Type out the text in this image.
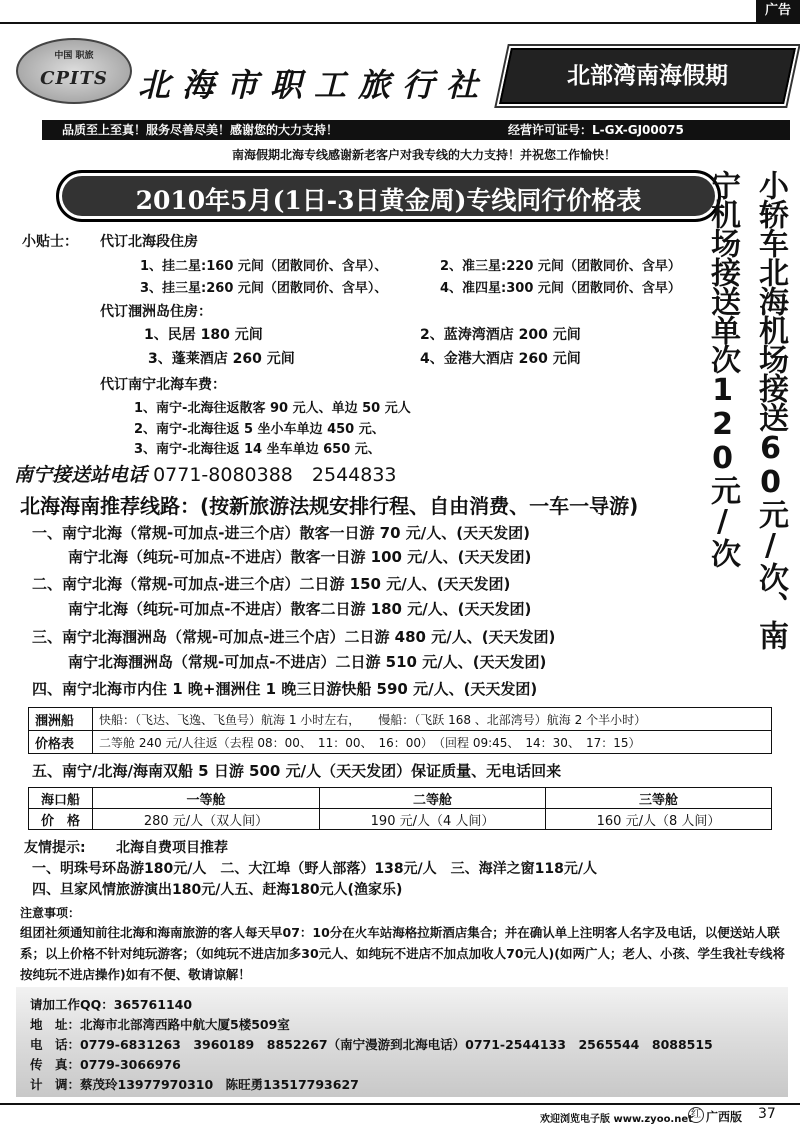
广告
中国 职旅
CPITS 北海市职工旅行社	北部湾南海假期
品质至上至真！服务尽善尽美！感谢您的大力支持！	经营许可证号：L-GX-GJ00075
南海假期北海专线感谢新老客户对我专线的大力支持！并祝您工作愉快！
2010年5月(1日-3日黄金周)专线同行价格表	小轿车北海机场接送60元/次、南宁机场接送单次120元/次
小贴士： 代订北海段住房
1、挂二星:160 元间（团散同价、含早）、	2、准三星:220 元间（团散同价、含早）
3、挂三星:260 元间（团散同价、含早）、	4、准四星:300 元间（团散同价、含早）
代订涠洲岛住房：
1、民居 180 元间	2、蓝涛湾酒店 200 元间
3、蓬莱酒店 260 元间	4、金港大酒店 260 元间
代订南宁北海车费：
1、南宁-北海往返散客 90 元人、单边 50 元人
2、南宁-北海往返 5 坐小车单边 450 元、
3、南宁-北海往返 14 坐车单边 650 元、
南宁接送站电话 0771-8080388　2544833
北海海南推荐线路：(按新旅游法规安排行程、自由消费、一车一导游)
一、南宁北海（常规-可加点-进三个店）散客一日游 70 元/人、(天天发团)
南宁北海（纯玩-可加点-不进店）散客一日游 100 元/人、(天天发团)
二、南宁北海（常规-可加点-进三个店）二日游 150 元/人、(天天发团)
南宁北海（纯玩-可加点-不进店）散客二日游 180 元/人、(天天发团)
三、南宁北海涠洲岛（常规-可加点-进三个店）二日游 480 元/人、(天天发团)
南宁北海涠洲岛（常规-可加点-不进店）二日游 510 元/人、(天天发团)
四、南宁北海市内住 1 晚+涠洲住 1 晚三日游快船 590 元/人、(天天发团)
涠洲船	快船：（飞达、飞逸、飞鱼号）航海 1 小时左右，　　慢船：（飞跃 168 、北部湾号）航海 2 个半小时）
价格表	二等舱 240 元/人往返（去程 08：00、　11：00、　16：00）　（回程 09:45、　14：30、　17：15）
五、南宁/北海/海南双船 5 日游 500 元/人（天天发团）保证质量、无电话回来
海口船	一等舱	二等舱	三等舱
价　格	280 元/人（双人间）	190 元/人（4 人间）	160 元/人（8 人间）
友情提示: 北海自费项目推荐
一、明珠号环岛游180元/人　二、大江埠（野人部落）138元/人　三、海洋之窗118元/人
四、旦家风情旅游演出180元/人五、赶海180元人(渔家乐)
注意事项：
组团社须通知前往北海和海南旅游的客人每天早07：10分在火车站海格拉斯酒店集合；并在确认单上注明客人名字及电话，以便送站人联系；以上价格不针对纯玩游客；（如纯玩不进店加多30元人、如纯玩不进店不加点加收人70元人)(如两广人；老人、小孩、学生我社专线将按纯玩不进店操作)如有不便、敬请谅解！
请加工作QQ：365761140
地　址：北海市北部湾西路中航大厦5楼509室
电　话：0779-6831263　3960189　8852267（南宁漫游到北海电话）0771-2544133　2565544　8088515
传　真：0779-3066976
计　调：蔡茂玲13977970310　陈旺勇13517793627
欢迎浏览电子版 www.zyoo.net
红 广西版 37
